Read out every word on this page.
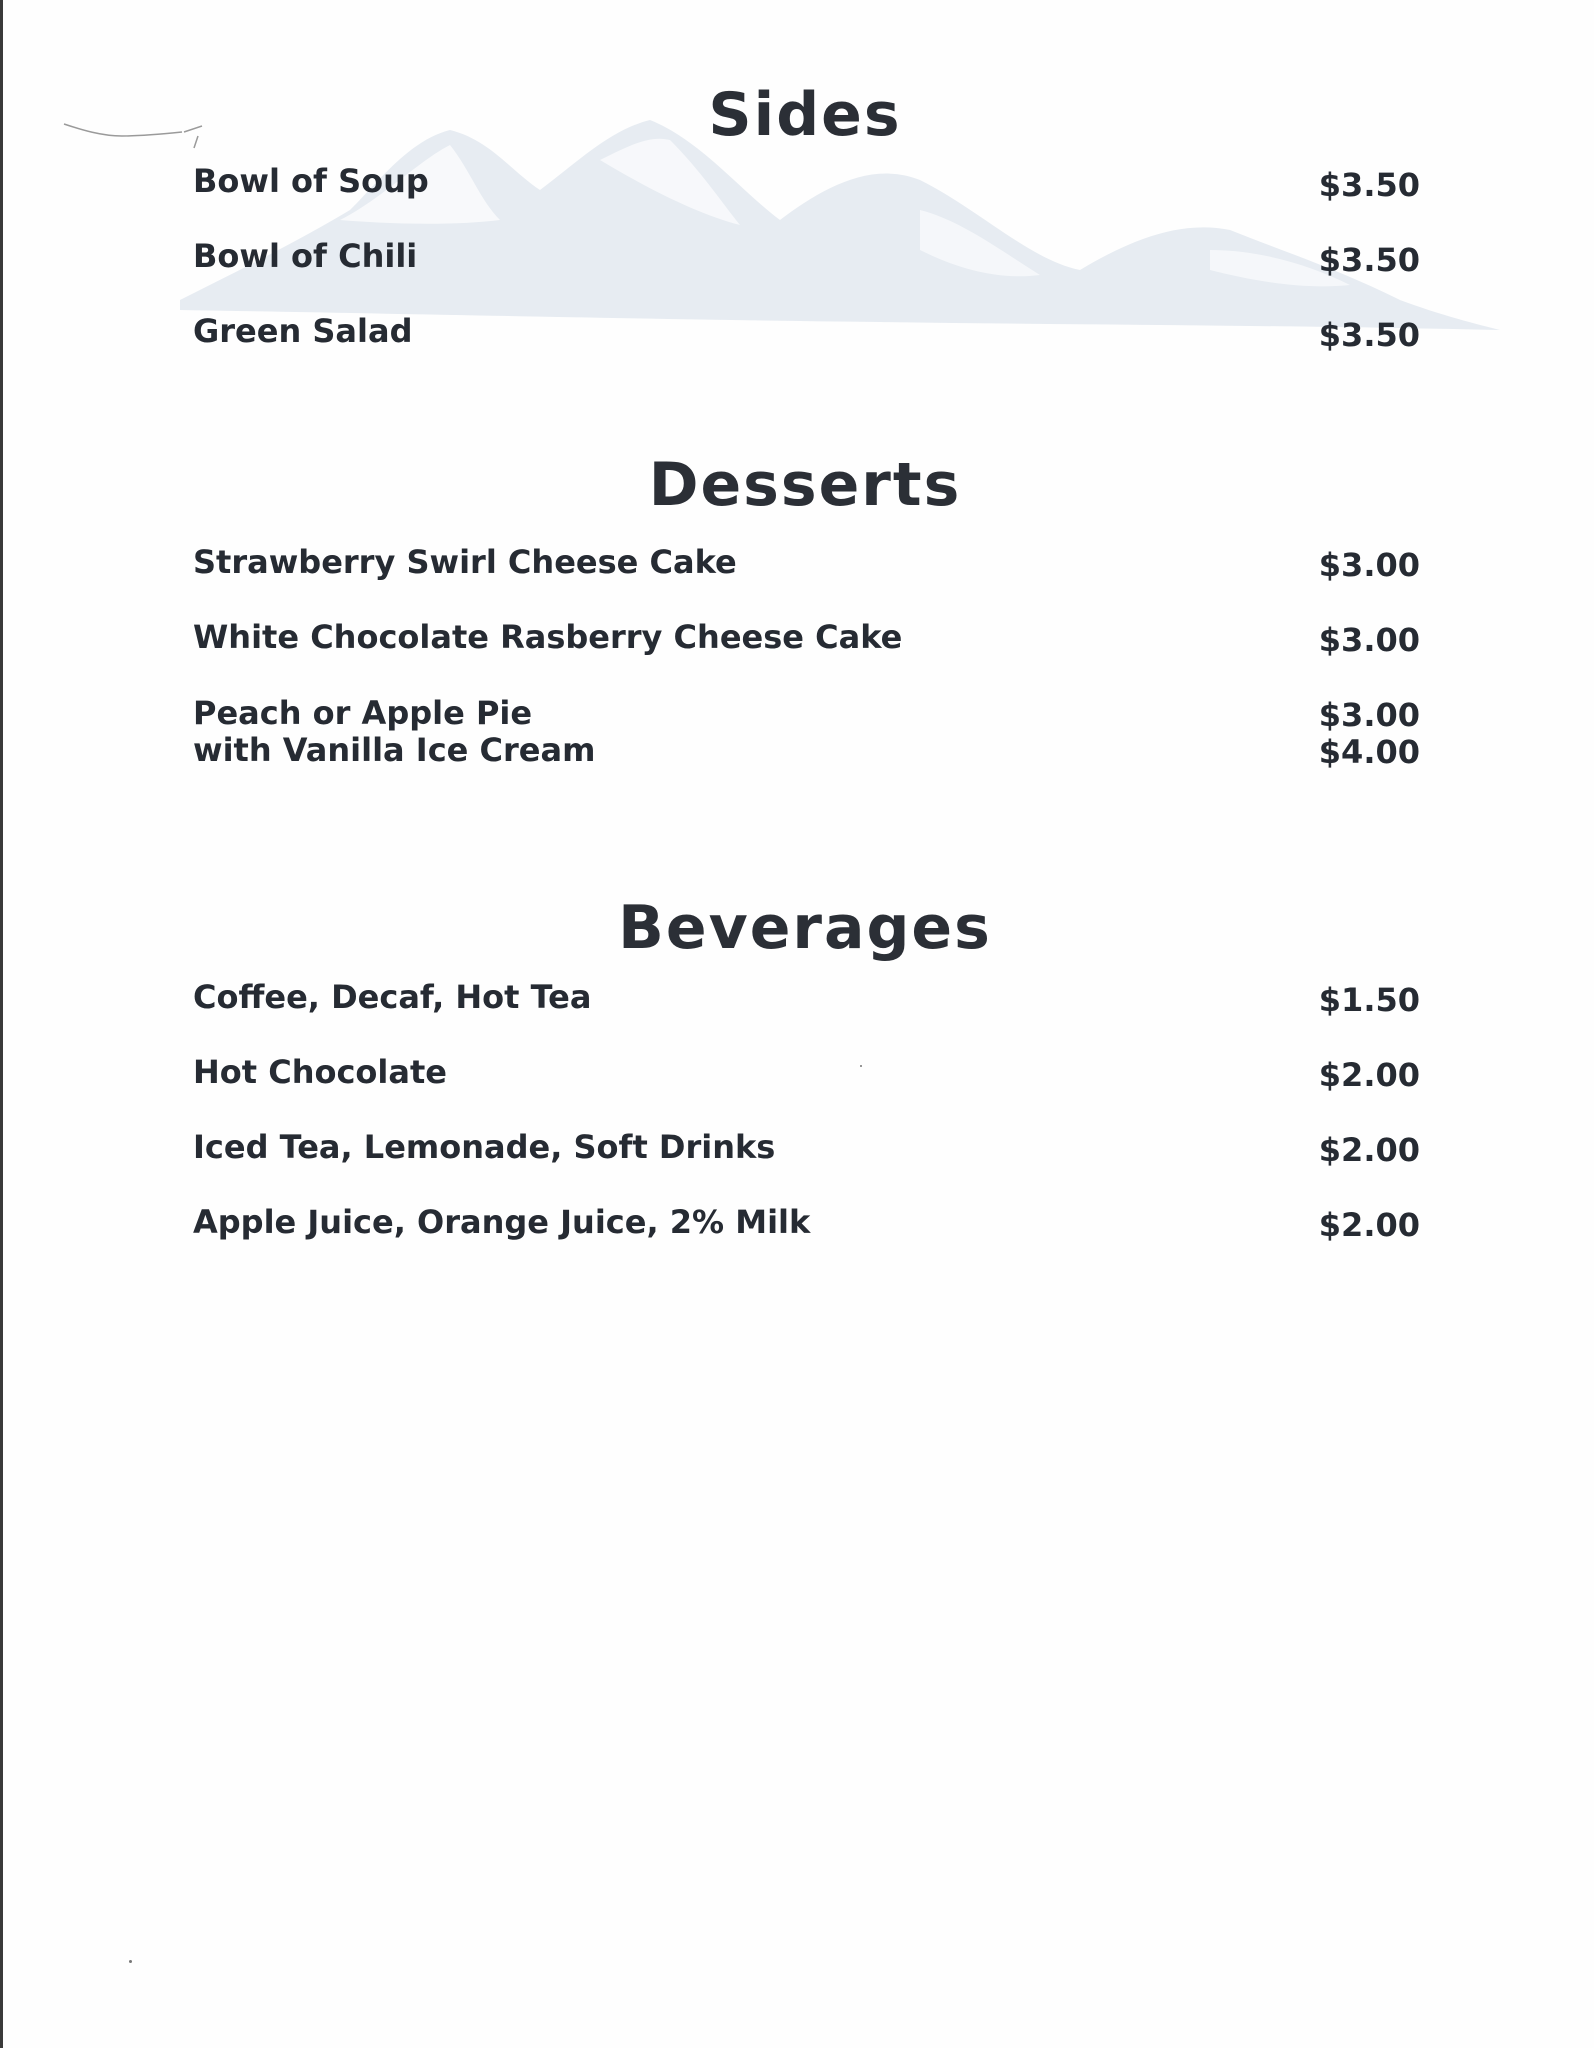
Sides
Bowl of Soup	$3.50
Bowl of Chili	$3.50
Green Salad	$3.50
Desserts
Strawberry Swirl Cheese Cake	$3.00
White Chocolate Rasberry Cheese Cake	$3.00
Peach or Apple Pie	$3.00
with Vanilla Ice Cream	$4.00
Beverages
Coffee, Decaf, Hot Tea	$1.50
Hot Chocolate	$2.00
Iced Tea, Lemonade, Soft Drinks	$2.00
Apple Juice, Orange Juice, 2% Milk	$2.00
